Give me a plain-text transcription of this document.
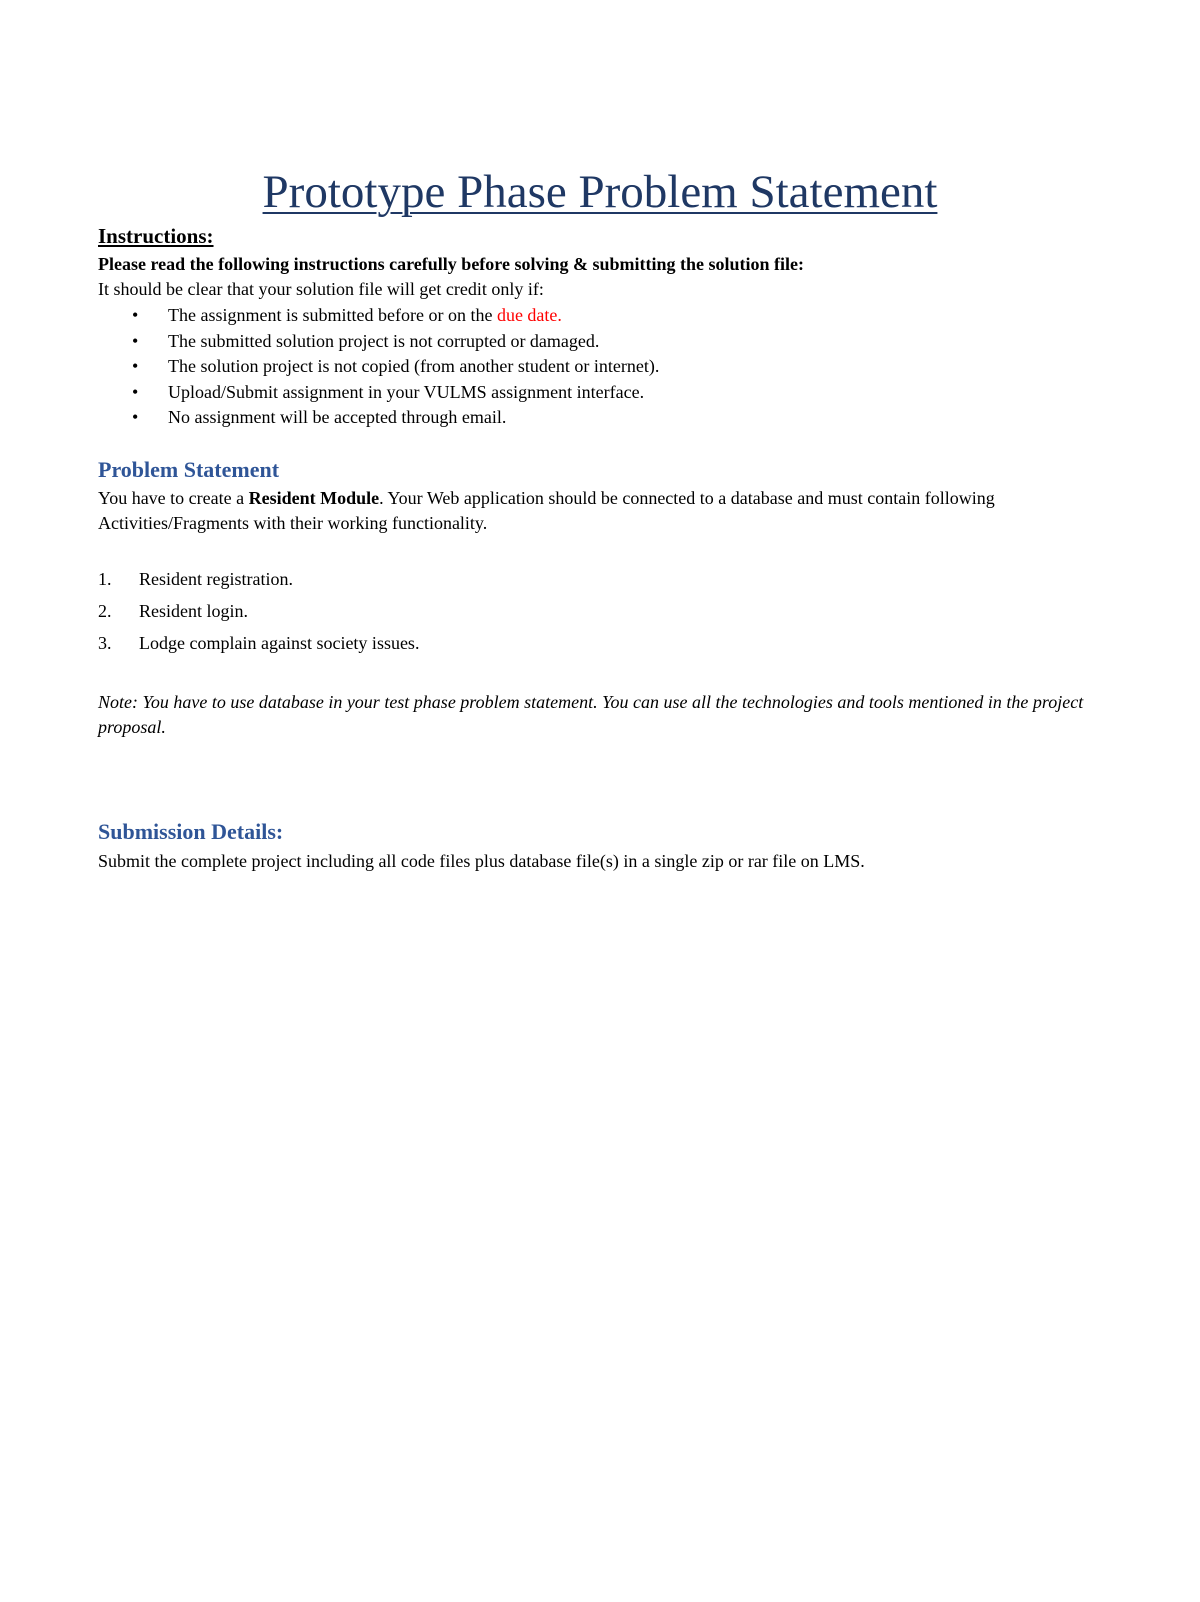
Prototype Phase Problem Statement
Instructions:
Please read the following instructions carefully before solving & submitting the solution file:
It should be clear that your solution file will get credit only if:
• The assignment is submitted before or on the due date.
• The submitted solution project is not corrupted or damaged.
• The solution project is not copied (from another student or internet).
• Upload/Submit assignment in your VULMS assignment interface.
• No assignment will be accepted through email.
Problem Statement
You have to create a Resident Module. Your Web application should be connected to a database and must contain following Activities/Fragments with their working functionality.
1. Resident registration.
2. Resident login.
3. Lodge complain against society issues.
Note: You have to use database in your test phase problem statement. You can use all the technologies and tools mentioned in the project proposal.
Submission Details:
Submit the complete project including all code files plus database file(s) in a single zip or rar file on LMS.
